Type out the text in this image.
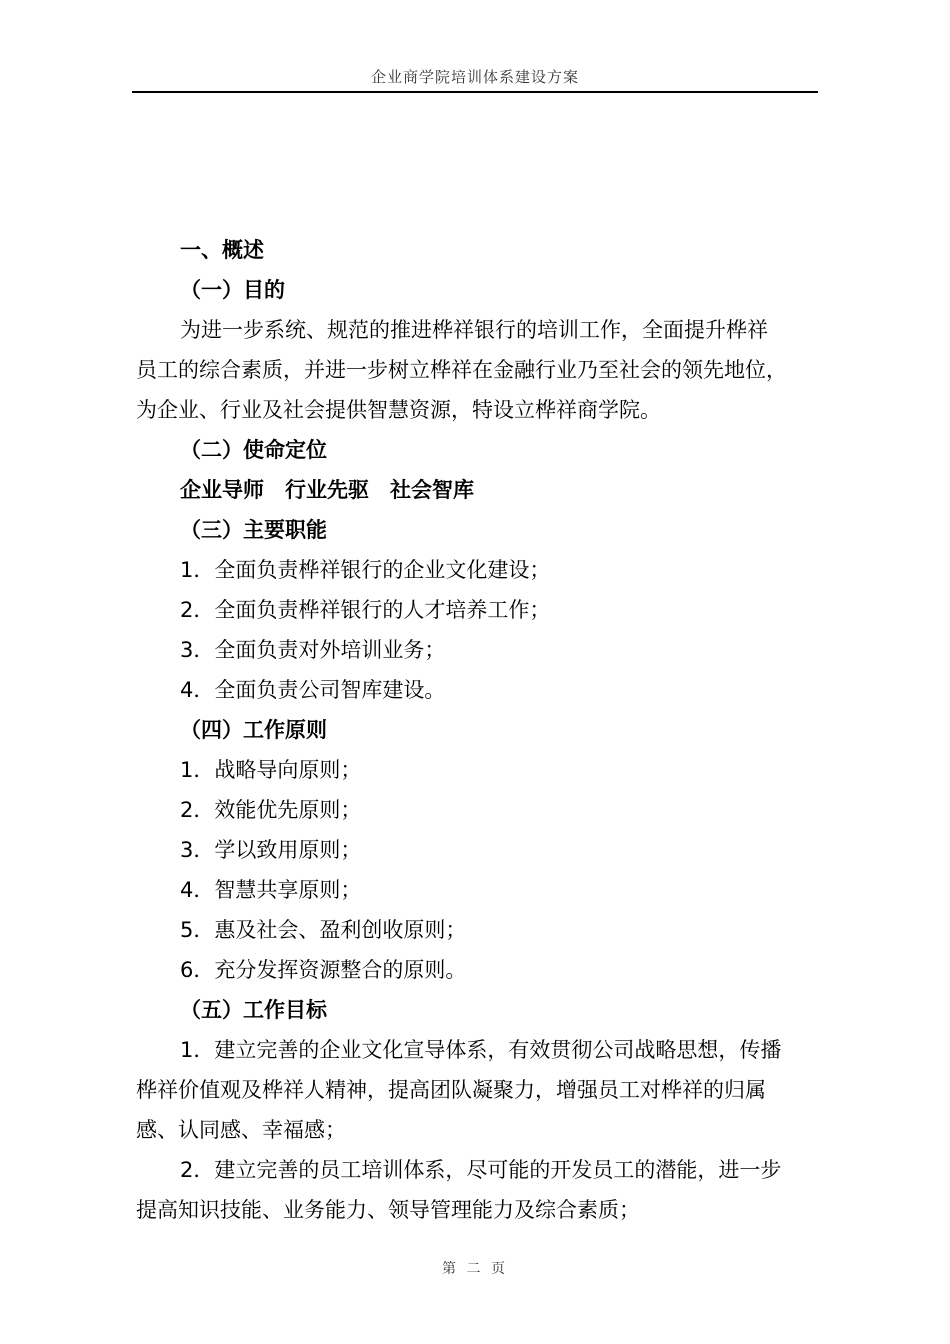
企业商学院培训体系建设方案
一、概述
（一）目的
为进一步系统、规范的推进桦祥银行的培训工作，全面提升桦祥
员工的综合素质，并进一步树立桦祥在金融行业乃至社会的领先地位，
为企业、行业及社会提供智慧资源，特设立桦祥商学院。
（二）使命定位
企业导师　行业先驱　社会智库
（三）主要职能
1．全面负责桦祥银行的企业文化建设；
2．全面负责桦祥银行的人才培养工作；
3．全面负责对外培训业务；
4．全面负责公司智库建设。
（四）工作原则
1．战略导向原则；
2．效能优先原则；
3．学以致用原则；
4．智慧共享原则；
5．惠及社会、盈利创收原则；
6．充分发挥资源整合的原则。
（五）工作目标
1．建立完善的企业文化宣导体系，有效贯彻公司战略思想，传播
桦祥价值观及桦祥人精神，提高团队凝聚力，增强员工对桦祥的归属
感、认同感、幸福感；
2．建立完善的员工培训体系，尽可能的开发员工的潜能，进一步
提高知识技能、业务能力、领导管理能力及综合素质；
第 二 页
